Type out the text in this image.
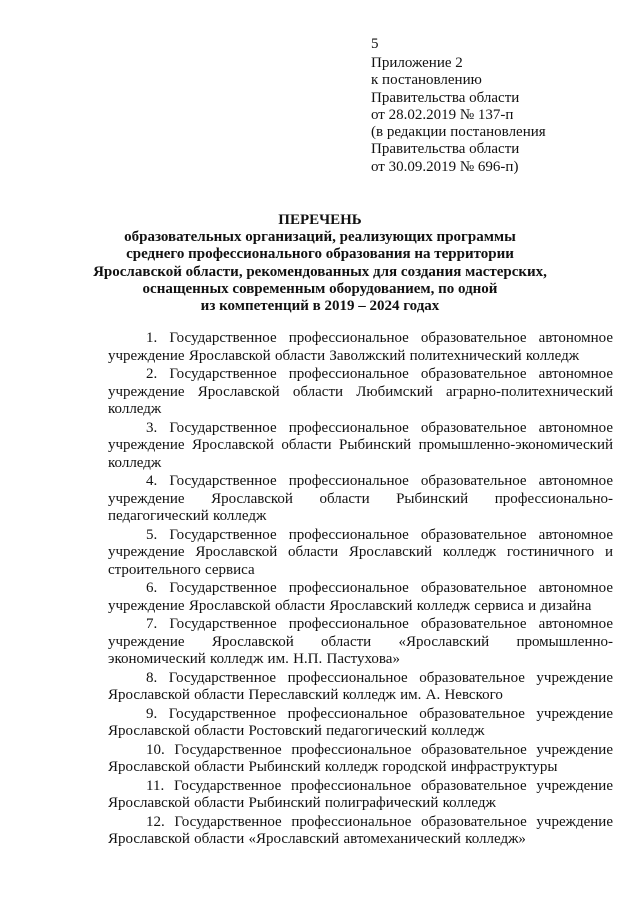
5
Приложение 2
к постановлению
Правительства области
от 28.02.2019 № 137-п
(в редакции постановления
Правительства области
от 30.09.2019 № 696-п)
ПЕРЕЧЕНЬ
образовательных организаций, реализующих программы
среднего профессионального образования на территории
Ярославской области, рекомендованных для создания мастерских,
оснащенных современным оборудованием, по одной
из компетенций в 2019 – 2024 годах

1. Государственное профессиональное образовательное автономное учреждение Ярославской области Заволжский политехнический колледж

2. Государственное профессиональное образовательное автономное учреждение Ярославской области Любимский аграрно-политехнический колледж

3. Государственное профессиональное образовательное автономное учреждение Ярославской области Рыбинский промышленно-экономический колледж

4. Государственное профессиональное образовательное автономное учреждение Ярославской области Рыбинский профессионально-педагогический колледж

5. Государственное профессиональное образовательное автономное учреждение Ярославской области Ярославский колледж гостиничного и строительного сервиса

6. Государственное профессиональное образовательное автономное учреждение Ярославской области Ярославский колледж сервиса и дизайна

7. Государственное профессиональное образовательное автономное учреждение Ярославской области «Ярославский промышленно-экономический колледж им. Н.П. Пастухова»

8. Государственное профессиональное образовательное учреждение Ярославской области Переславский колледж им. А. Невского

9. Государственное профессиональное образовательное учреждение Ярославской области Ростовский педагогический колледж

10. Государственное профессиональное образовательное учреждение Ярославской области Рыбинский колледж городской инфраструктуры

11. Государственное профессиональное образовательное учреждение Ярославской области Рыбинский полиграфический колледж

12. Государственное профессиональное образовательное учреждение Ярославской области «Ярославский автомеханический колледж»
